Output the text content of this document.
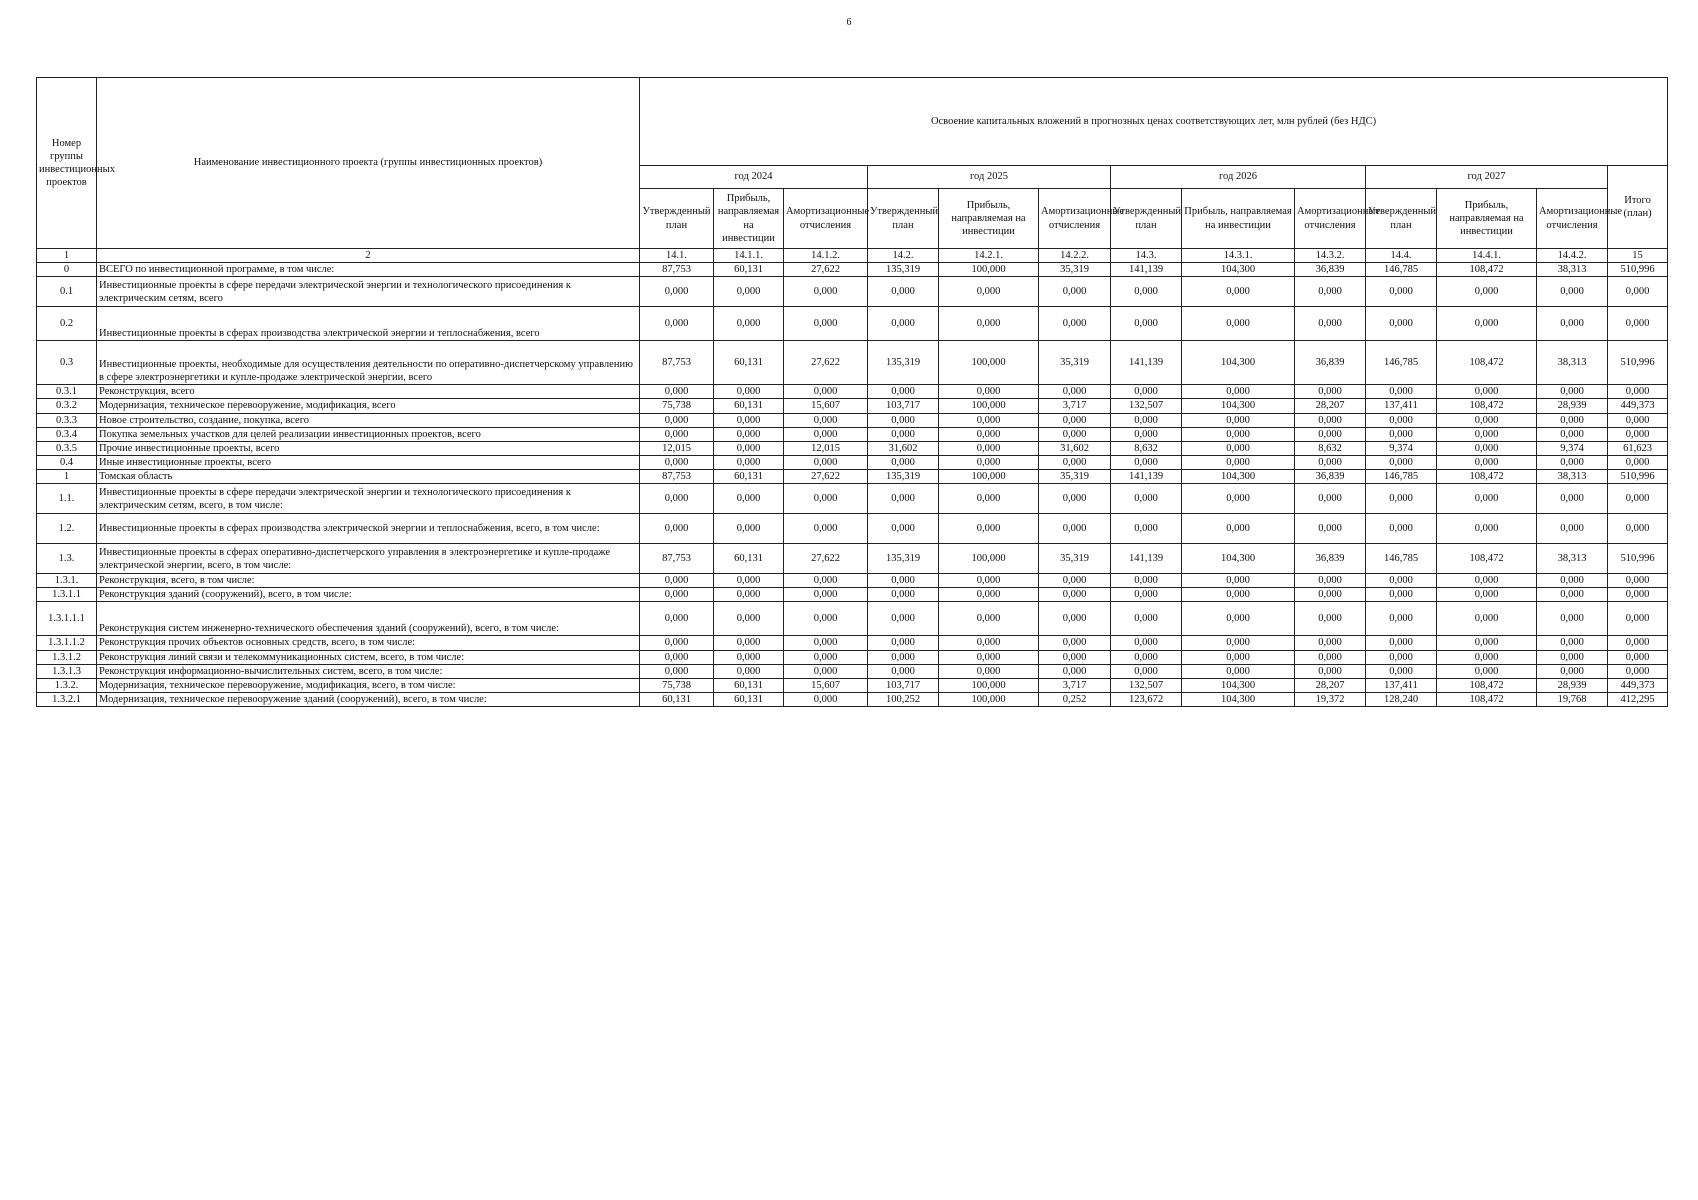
6
Номер группы инвестиционных проектов	Наименование инвестиционного проекта (группы инвестиционных проектов)	Освоение капитальных вложений в прогнозных ценах соответствующих лет, млн рублей (без НДС)												
		год 2024			год 2025			год 2026			год 2027			Итого (план)
		Утвержденный план	Прибыль, направляемая на инвестиции	Амортизационные отчисления	Утвержденный план	Прибыль, направляемая на инвестиции	Амортизационные отчисления	Утвержденный план	Прибыль, направляемая на инвестиции	Амортизационные отчисления	Утвержденный план	Прибыль, направляемая на инвестиции	Амортизационные отчисления	
1	2	14.1.	14.1.1.	14.1.2.	14.2.	14.2.1.	14.2.2.	14.3.	14.3.1.	14.3.2.	14.4.	14.4.1.	14.4.2.	15
0	ВСЕГО по инвестиционной программе, в том числе:	87,753	60,131	27,622	135,319	100,000	35,319	141,139	104,300	36,839	146,785	108,472	38,313	510,996
0.1	Инвестиционные проекты в сфере передачи электрической энергии и технологического присоединения к электрическим сетям, всего	0,000	0,000	0,000	0,000	0,000	0,000	0,000	0,000	0,000	0,000	0,000	0,000	0,000
0.2	Инвестиционные проекты в сферах производства электрической энергии и теплоснабжения, всего	0,000	0,000	0,000	0,000	0,000	0,000	0,000	0,000	0,000	0,000	0,000	0,000	0,000
0.3	Инвестиционные проекты, необходимые для осуществления деятельности по оперативно-диспетчерскому управлению в сфере электроэнергетики и купле-продаже электрической энергии, всего	87,753	60,131	27,622	135,319	100,000	35,319	141,139	104,300	36,839	146,785	108,472	38,313	510,996
0.3.1	Реконструкция, всего	0,000	0,000	0,000	0,000	0,000	0,000	0,000	0,000	0,000	0,000	0,000	0,000	0,000
0.3.2	Модернизация, техническое перевооружение, модификация, всего	75,738	60,131	15,607	103,717	100,000	3,717	132,507	104,300	28,207	137,411	108,472	28,939	449,373
0.3.3	Новое строительство, создание, покупка, всего	0,000	0,000	0,000	0,000	0,000	0,000	0,000	0,000	0,000	0,000	0,000	0,000	0,000
0.3.4	Покупка земельных участков для целей реализации инвестиционных проектов, всего	0,000	0,000	0,000	0,000	0,000	0,000	0,000	0,000	0,000	0,000	0,000	0,000	0,000
0.3.5	Прочие инвестиционные проекты, всего	12,015	0,000	12,015	31,602	0,000	31,602	8,632	0,000	8,632	9,374	0,000	9,374	61,623
0.4	Иные инвестиционные проекты, всего	0,000	0,000	0,000	0,000	0,000	0,000	0,000	0,000	0,000	0,000	0,000	0,000	0,000
1	Томская область	87,753	60,131	27,622	135,319	100,000	35,319	141,139	104,300	36,839	146,785	108,472	38,313	510,996
1.1.	Инвестиционные проекты в сфере передачи электрической энергии и технологического присоединения к электрическим сетям, всего, в том числе:	0,000	0,000	0,000	0,000	0,000	0,000	0,000	0,000	0,000	0,000	0,000	0,000	0,000
1.2.	Инвестиционные проекты в сферах производства электрической энергии и теплоснабжения, всего, в том числе:	0,000	0,000	0,000	0,000	0,000	0,000	0,000	0,000	0,000	0,000	0,000	0,000	0,000
1.3.	Инвестиционные проекты в сферах оперативно-диспетчерского управления в электроэнергетике и купле-продаже электрической энергии, всего, в том числе:	87,753	60,131	27,622	135,319	100,000	35,319	141,139	104,300	36,839	146,785	108,472	38,313	510,996
1.3.1.	Реконструкция, всего, в том числе:	0,000	0,000	0,000	0,000	0,000	0,000	0,000	0,000	0,000	0,000	0,000	0,000	0,000
1.3.1.1	Реконструкция зданий (сооружений), всего, в том числе:	0,000	0,000	0,000	0,000	0,000	0,000	0,000	0,000	0,000	0,000	0,000	0,000	0,000
1.3.1.1.1	Реконструкция систем инженерно-технического обеспечения зданий (сооружений), всего, в том числе:	0,000	0,000	0,000	0,000	0,000	0,000	0,000	0,000	0,000	0,000	0,000	0,000	0,000
1.3.1.1.2	Реконструкция прочих объектов основных средств, всего, в том числе:	0,000	0,000	0,000	0,000	0,000	0,000	0,000	0,000	0,000	0,000	0,000	0,000	0,000
1.3.1.2	Реконструкция линий связи и телекоммуникационных систем, всего, в том числе:	0,000	0,000	0,000	0,000	0,000	0,000	0,000	0,000	0,000	0,000	0,000	0,000	0,000
1.3.1.3	Реконструкция информационно-вычислительных систем, всего, в том числе:	0,000	0,000	0,000	0,000	0,000	0,000	0,000	0,000	0,000	0,000	0,000	0,000	0,000
1.3.2.	Модернизация, техническое перевооружение, модификация, всего, в том числе:	75,738	60,131	15,607	103,717	100,000	3,717	132,507	104,300	28,207	137,411	108,472	28,939	449,373
1.3.2.1	Модернизация, техническое перевооружение зданий (сооружений), всего, в том числе:	60,131	60,131	0,000	100,252	100,000	0,252	123,672	104,300	19,372	128,240	108,472	19,768	412,295
